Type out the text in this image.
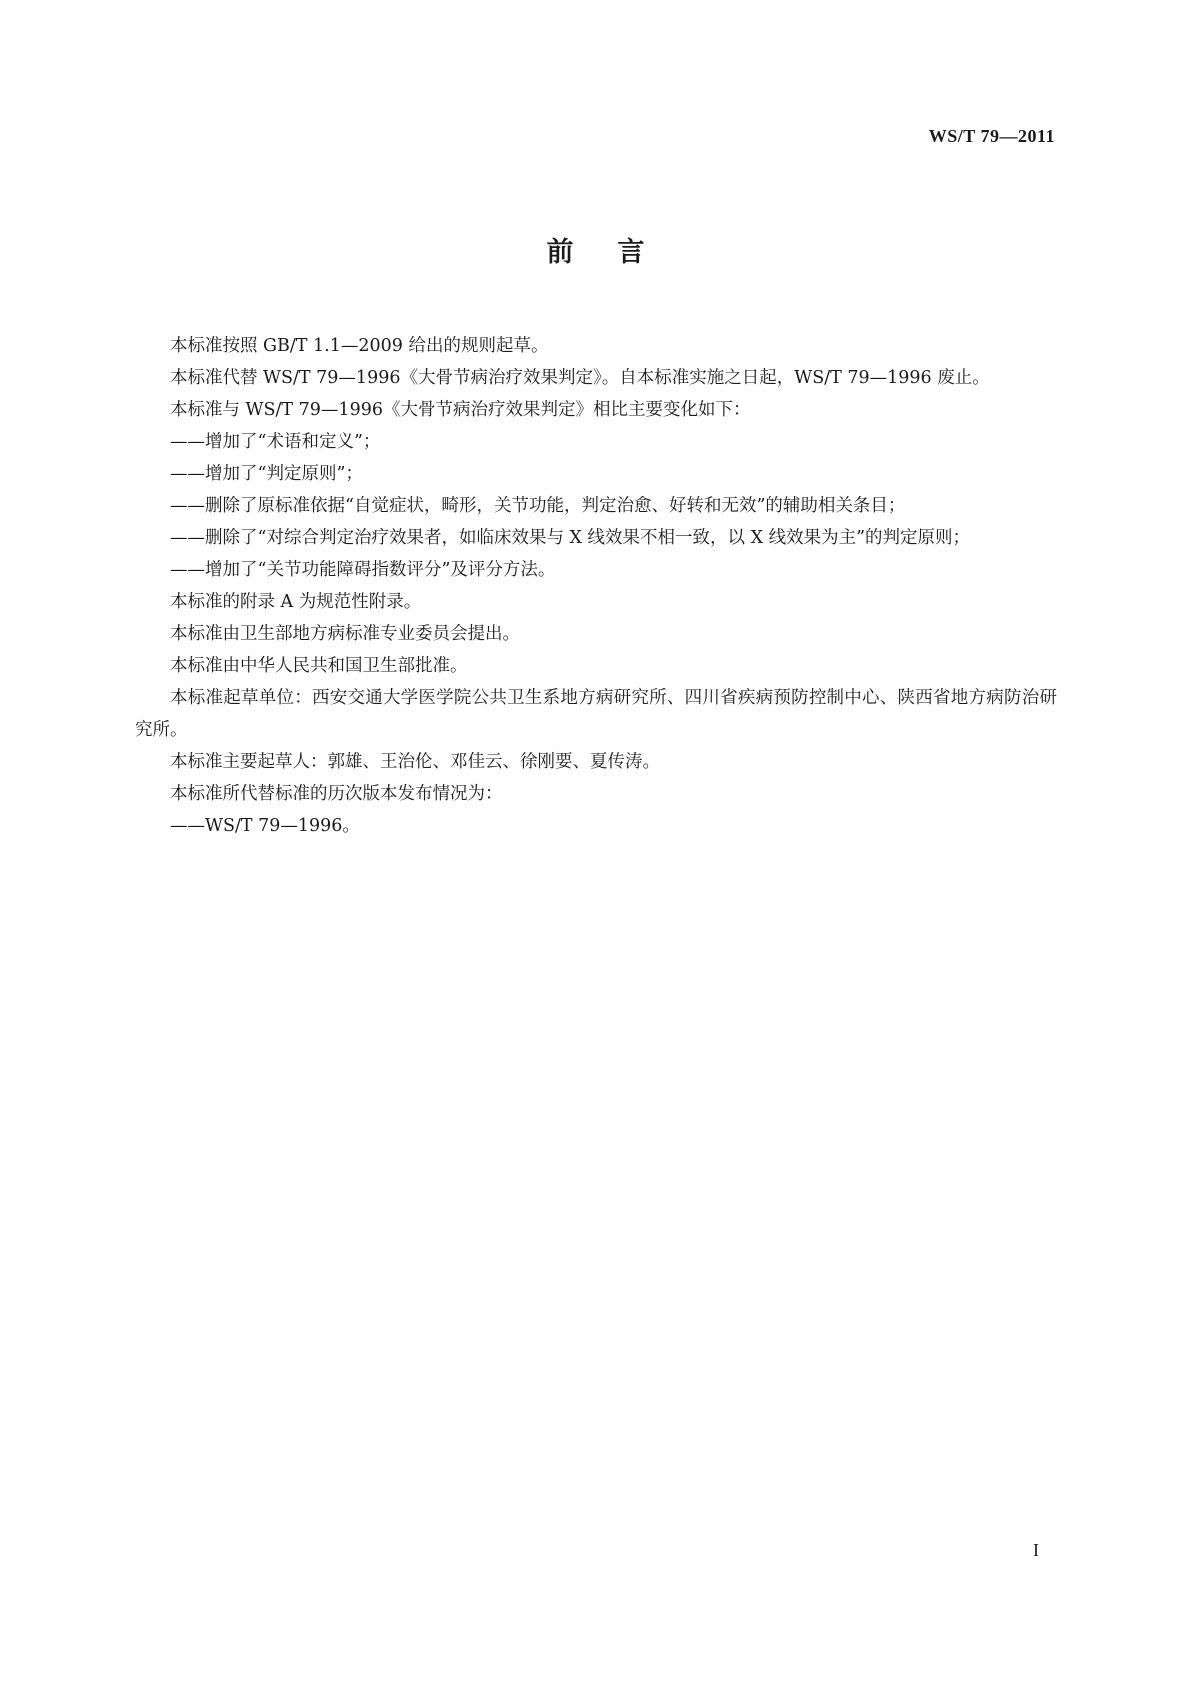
WS/T 79—2011
前言

本标准按照 GB/T 1.1—2009 给出的规则起草。

本标准代替 WS/T 79—1996《大骨节病治疗效果判定》。自本标准实施之日起，WS/T 79—1996 废止。

本标准与 WS/T 79—1996《大骨节病治疗效果判定》相比主要变化如下：

——增加了“术语和定义”；

——增加了“判定原则”；

——删除了原标准依据“自觉症状，畸形，关节功能，判定治愈、好转和无效”的辅助相关条目；

——删除了“对综合判定治疗效果者，如临床效果与 X 线效果不相一致，以 X 线效果为主”的判定原则；

——增加了“关节功能障碍指数评分”及评分方法。

本标准的附录 A 为规范性附录。

本标准由卫生部地方病标准专业委员会提出。

本标准由中华人民共和国卫生部批准。

本标准起草单位：西安交通大学医学院公共卫生系地方病研究所、四川省疾病预防控制中心、陕西省地方病防治研究所。

本标准主要起草人：郭雄、王治伦、邓佳云、徐刚要、夏传涛。

本标准所代替标准的历次版本发布情况为：

——WS/T 79—1996。

I
